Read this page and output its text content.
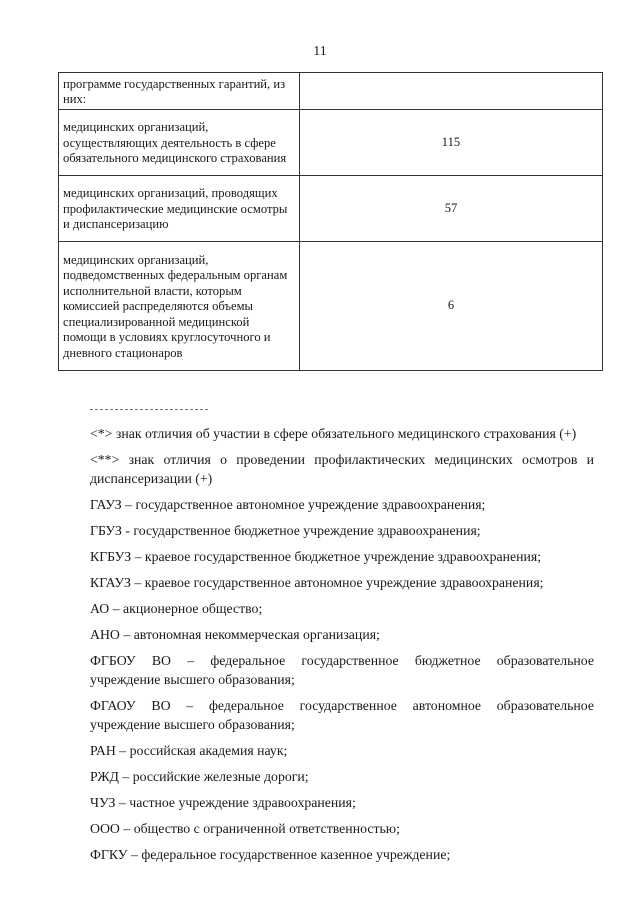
11
программе государственных гарантий, из них:	
медицинских организаций, осуществляющих деятельность в сфере обязательного медицинского страхования	115
медицинских организаций, проводящих профилактические медицинские осмотры и диспансеризацию	57
медицинских организаций, подведомственных федеральным органам исполнительной власти, которым комиссией распределяются объемы специализированной медицинской помощи в условиях круглосуточного и дневного стационаров	6

<*> знак отличия об участии в сфере обязательного медицинского страхования (+)

<**> знак отличия о проведении профилактических медицинских осмотров и

диспансеризации (+)

ГАУЗ – государственное автономное учреждение здравоохранения;

ГБУЗ - государственное бюджетное учреждение здравоохранения;

КГБУЗ – краевое государственное бюджетное учреждение здравоохранения;

КГАУЗ – краевое государственное автономное учреждение здравоохранения;

АО – акционерное общество;

АНО – автономная некоммерческая организация;

ФГБОУ ВО – федеральное государственное бюджетное образовательное

учреждение высшего образования;

ФГАОУ ВО – федеральное государственное автономное образовательное

учреждение высшего образования;

РАН – российская академия наук;

РЖД – российские железные дороги;

ЧУЗ – частное учреждение здравоохранения;

ООО – общество с ограниченной ответственностью;

ФГКУ – федеральное государственное казенное учреждение;
